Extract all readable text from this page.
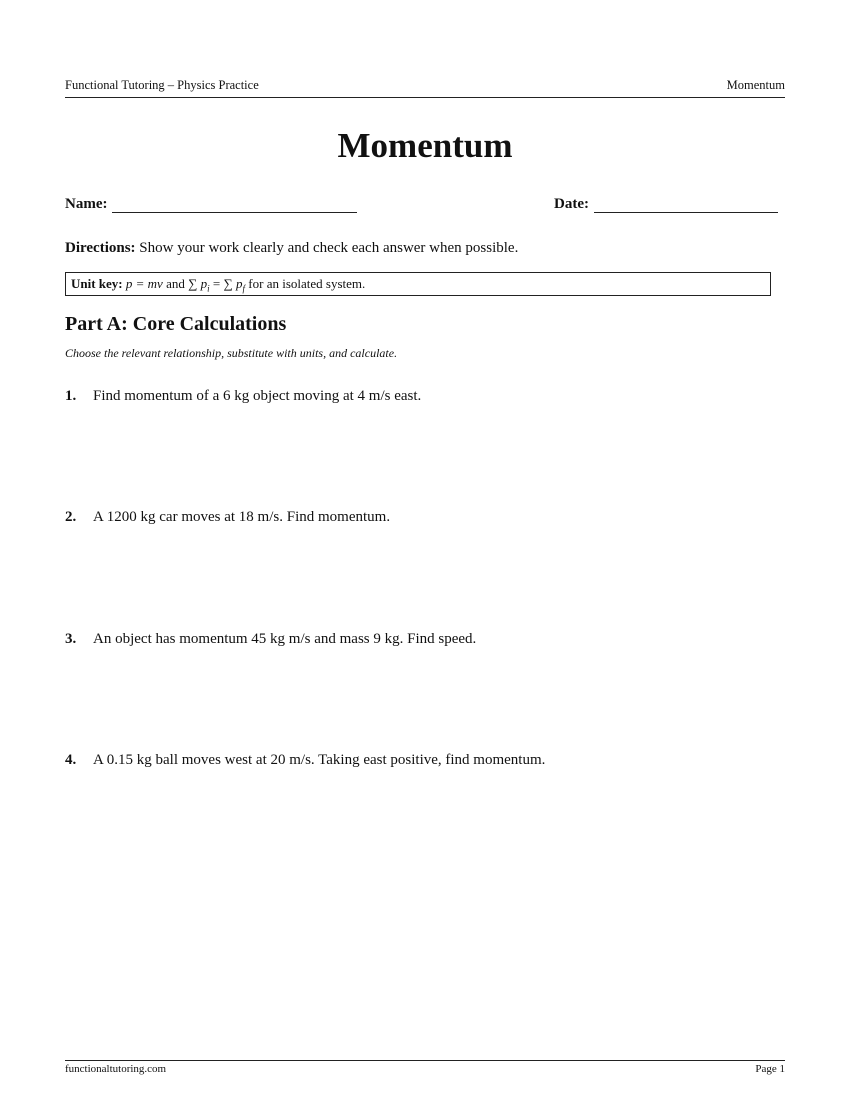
Functional Tutoring – Physics Practice	Momentum
Momentum
Name:	Date:
Directions: Show your work clearly and check each answer when possible.
Unit key: p = mv and ∑ $p_i$ = ∑ $p_f$ for an isolated system.
Part A: Core Calculations
Choose the relevant relationship, substitute with units, and calculate.
1. Find momentum of a 6 kg object moving at 4 m/s east.
2. A 1200 kg car moves at 18 m/s. Find momentum.
3. An object has momentum 45 kg m/s and mass 9 kg. Find speed.
4. A 0.15 kg ball moves west at 20 m/s. Taking east positive, find momentum.
functionaltutoring.com	Page 1
